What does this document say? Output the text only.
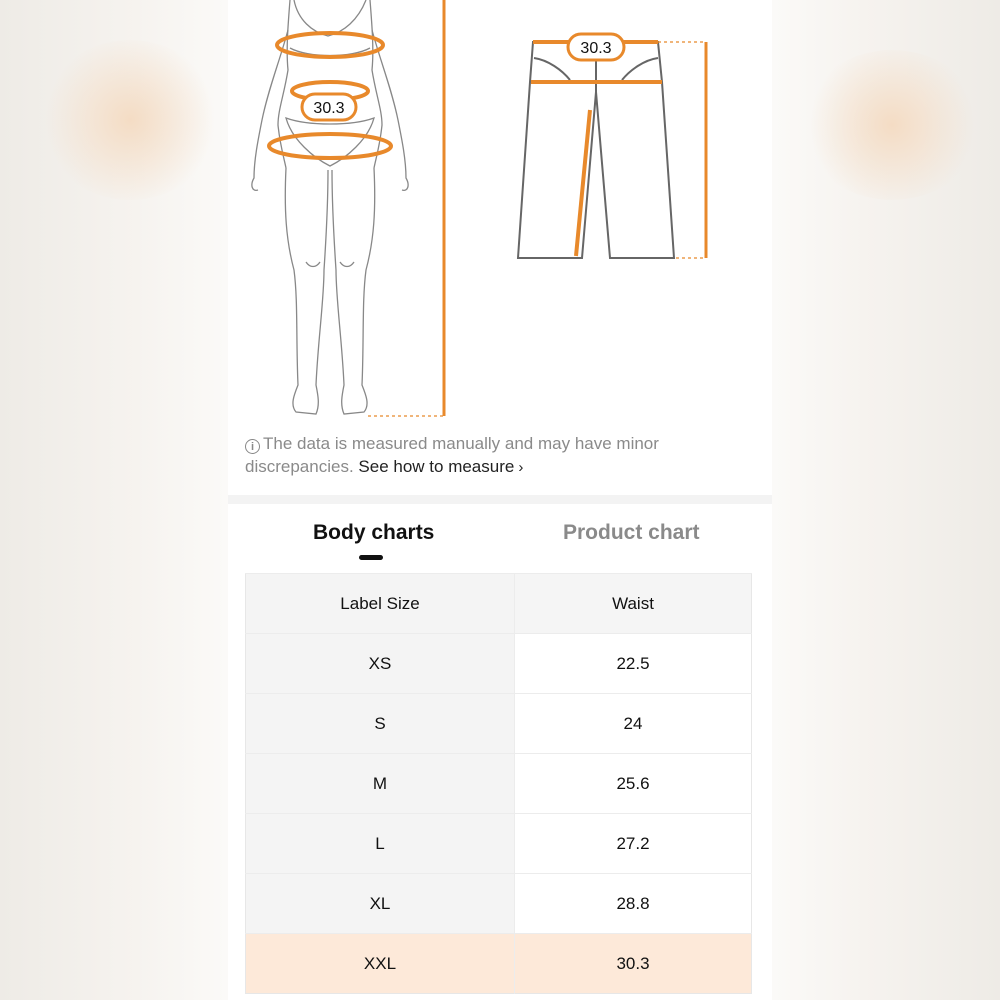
30.3
30.3
i The data is measured manually and may have minor discrepancies. See how to measure ›
Body charts	Product chart
Label Size	Waist
XS	22.5
S	24
M	25.6
L	27.2
XL	28.8
XXL	30.3
